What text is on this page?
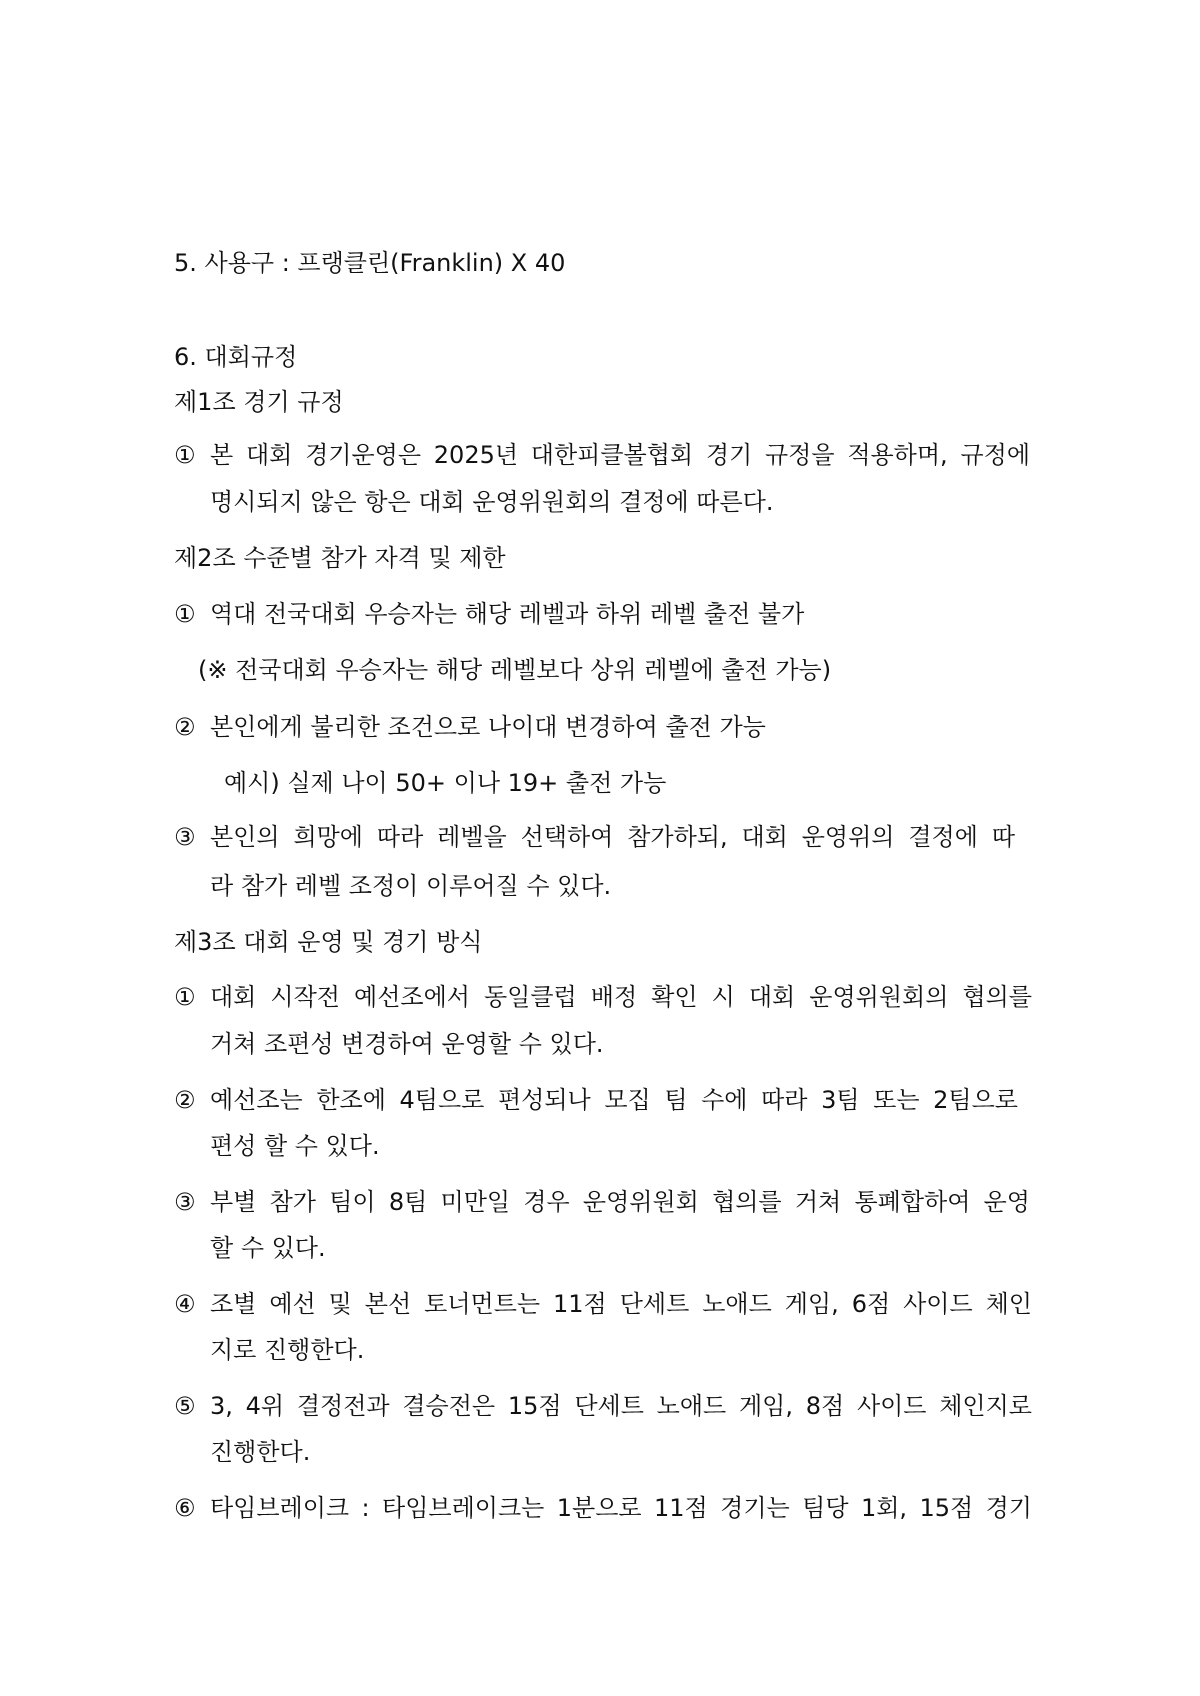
5. 사용구 : 프랭클린(Franklin) X 40
6. 대회규정
제1조 경기 규정
① 본 대회 경기운영은 2025년 대한피클볼협회 경기 규정을 적용하며, 규정에
명시되지 않은 항은 대회 운영위원회의 결정에 따른다.
제2조 수준별 참가 자격 및 제한
① 역대 전국대회 우승자는 해당 레벨과 하위 레벨 출전 불가
(※ 전국대회 우승자는 해당 레벨보다 상위 레벨에 출전 가능)
② 본인에게 불리한 조건으로 나이대 변경하여 출전 가능
예시) 실제 나이 50+ 이나 19+ 출전 가능
③ 본인의 희망에 따라 레벨을 선택하여 참가하되, 대회 운영위의 결정에 따
라 참가 레벨 조정이 이루어질 수 있다.
제3조 대회 운영 및 경기 방식
① 대회 시작전 예선조에서 동일클럽 배정 확인 시 대회 운영위원회의 협의를
거쳐 조편성 변경하여 운영할 수 있다.
② 예선조는 한조에 4팀으로 편성되나 모집 팀 수에 따라 3팀 또는 2팀으로
편성 할 수 있다.
③ 부별 참가 팀이 8팀 미만일 경우 운영위원회 협의를 거쳐 통폐합하여 운영
할 수 있다.
④ 조별 예선 및 본선 토너먼트는 11점 단세트 노애드 게임, 6점 사이드 체인
지로 진행한다.
⑤ 3, 4위 결정전과 결승전은 15점 단세트 노애드 게임, 8점 사이드 체인지로
진행한다.
⑥ 타임브레이크 : 타임브레이크는 1분으로 11점 경기는 팀당 1회, 15점 경기
